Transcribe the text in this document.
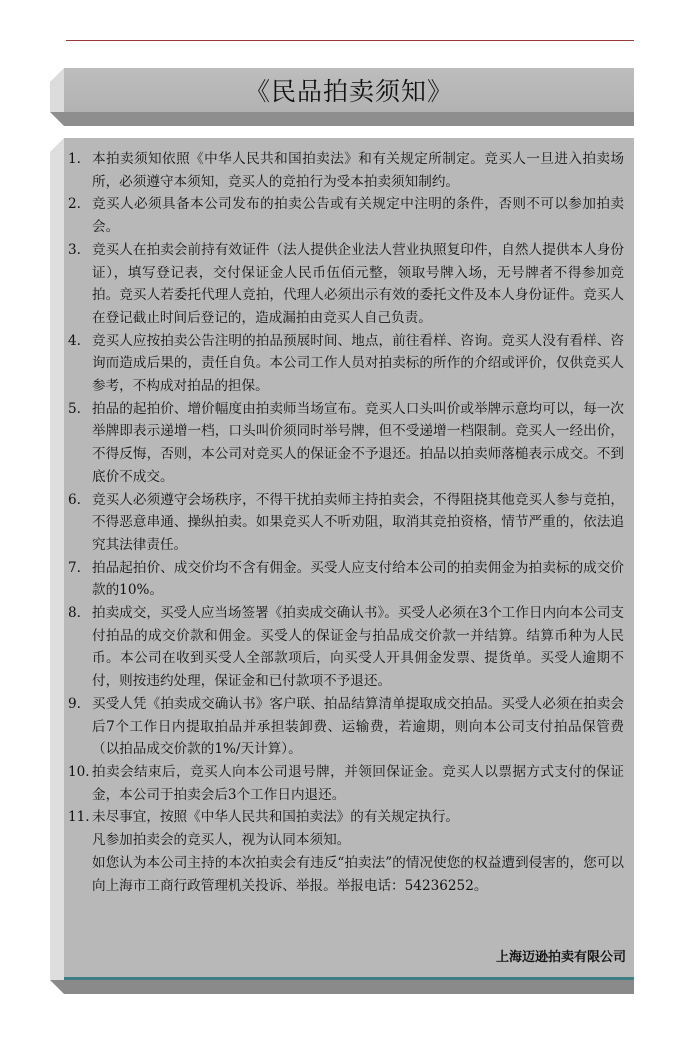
《民品拍卖须知》
1. 本拍卖须知依照《中华人民共和国拍卖法》和有关规定所制定。竞买人一旦进入拍卖场所，必须遵守本须知，竞买人的竞拍行为受本拍卖须知制约。
2. 竞买人必须具备本公司发布的拍卖公告或有关规定中注明的条件，否则不可以参加拍卖会。
3. 竞买人在拍卖会前持有效证件（法人提供企业法人营业执照复印件，自然人提供本人身份证），填写登记表，交付保证金人民币伍佰元整，领取号牌入场，无号牌者不得参加竞拍。竞买人若委托代理人竞拍，代理人必须出示有效的委托文件及本人身份证件。竞买人在登记截止时间后登记的，造成漏拍由竞买人自己负责。
4. 竞买人应按拍卖公告注明的拍品预展时间、地点，前往看样、咨询。竞买人没有看样、咨询而造成后果的，责任自负。本公司工作人员对拍卖标的所作的介绍或评价，仅供竞买人参考，不构成对拍品的担保。
5. 拍品的起拍价、增价幅度由拍卖师当场宣布。竞买人口头叫价或举牌示意均可以，每一次举牌即表示递增一档，口头叫价须同时举号牌，但不受递增一档限制。竞买人一经出价，不得反悔，否则，本公司对竞买人的保证金不予退还。拍品以拍卖师落槌表示成交。不到底价不成交。
6. 竞买人必须遵守会场秩序，不得干扰拍卖师主持拍卖会，不得阻挠其他竞买人参与竞拍，不得恶意串通、操纵拍卖。如果竞买人不听劝阻，取消其竞拍资格，情节严重的，依法追究其法律责任。
7. 拍品起拍价、成交价均不含有佣金。买受人应支付给本公司的拍卖佣金为拍卖标的成交价款的10%。
8. 拍卖成交，买受人应当场签署《拍卖成交确认书》。买受人必须在3个工作日内向本公司支付拍品的成交价款和佣金。买受人的保证金与拍品成交价款一并结算。结算币种为人民币。本公司在收到买受人全部款项后，向买受人开具佣金发票、提货单。买受人逾期不付，则按违约处理，保证金和已付款项不予退还。
9. 买受人凭《拍卖成交确认书》客户联、拍品结算清单提取成交拍品。买受人必须在拍卖会后7个工作日内提取拍品并承担装卸费、运输费，若逾期，则向本公司支付拍品保管费（以拍品成交价款的1%/天计算）。
10. 拍卖会结束后，竞买人向本公司退号牌，并领回保证金。竞买人以票据方式支付的保证金，本公司于拍卖会后3个工作日内退还。
11. 未尽事宜，按照《中华人民共和国拍卖法》的有关规定执行。

凡参加拍卖会的竞买人，视为认同本须知。

如您认为本公司主持的本次拍卖会有违反“拍卖法”的情况使您的权益遭到侵害的，您可以向上海市工商行政管理机关投诉、举报。举报电话：54236252。

上海迈逊拍卖有限公司
